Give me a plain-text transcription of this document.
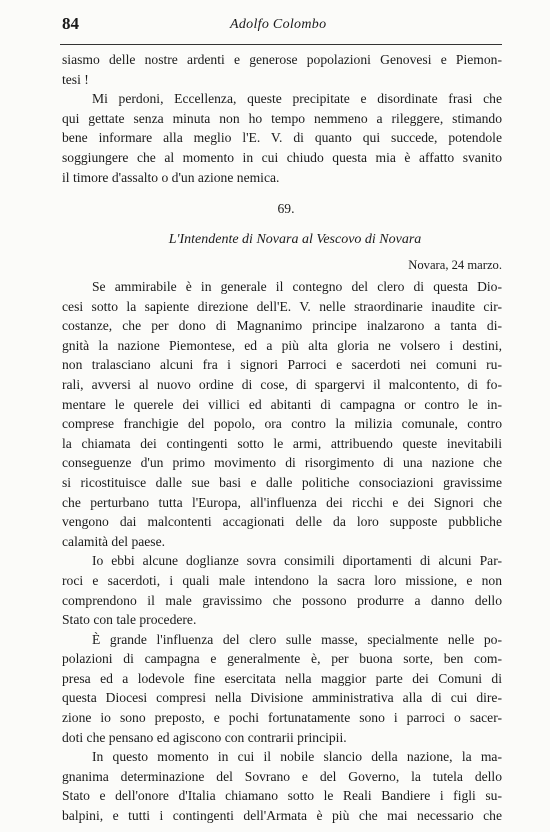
84	Adolfo Colombo
siasmo delle nostre ardenti e generose popolazioni Genovesi e Piemon-
tesi !
Mi perdoni, Eccellenza, queste precipitate e disordinate frasi che
qui gettate senza minuta non ho tempo nemmeno a rileggere, stimando
bene informare alla meglio l'E. V. di quanto qui succede, potendole
soggiungere che al momento in cui chiudo questa mia è affatto svanito
il timore d'assalto o d'un azione nemica.
69.
L'Intendente di Novara al Vescovo di Novara
Novara, 24 marzo.
Se ammirabile è in generale il contegno del clero di questa Dio-
cesi sotto la sapiente direzione dell'E. V. nelle straordinarie inaudite cir-
costanze, che per dono di Magnanimo principe inalzarono a tanta di-
gnità la nazione Piemontese, ed a più alta gloria ne volsero i destini,
non tralasciano alcuni fra i signori Parroci e sacerdoti nei comuni ru-
rali, avversi al nuovo ordine di cose, di spargervi il malcontento, di fo-
mentare le querele dei villici ed abitanti di campagna or contro le in-
comprese franchigie del popolo, ora contro la milizia comunale, contro
la chiamata dei contingenti sotto le armi, attribuendo queste inevitabili
conseguenze d'un primo movimento di risorgimento di una nazione che
si ricostituisce dalle sue basi e dalle politiche consociazioni gravissime
che perturbano tutta l'Europa, all'influenza dei ricchi e dei Signori che
vengono dai malcontenti accagionati delle da loro supposte pubbliche
calamità del paese.
Io ebbi alcune doglianze sovra consimili diportamenti di alcuni Par-
roci e sacerdoti, i quali male intendono la sacra loro missione, e non
comprendono il male gravissimo che possono produrre a danno dello
Stato con tale procedere.
È grande l'influenza del clero sulle masse, specialmente nelle po-
polazioni di campagna e generalmente è, per buona sorte, ben com-
presa ed a lodevole fine esercitata nella maggior parte dei Comuni di
questa Diocesi compresi nella Divisione amministrativa alla di cui dire-
zione io sono preposto, e pochi fortunatamente sono i parroci o sacer-
doti che pensano ed agiscono con contrarii principii.
In questo momento in cui il nobile slancio della nazione, la ma-
gnanima determinazione del Sovrano e del Governo, la tutela dello
Stato e dell'onore d'Italia chiamano sotto le Reali Bandiere i figli su-
balpini, e tutti i contingenti dell'Armata è più che mai necessario che
